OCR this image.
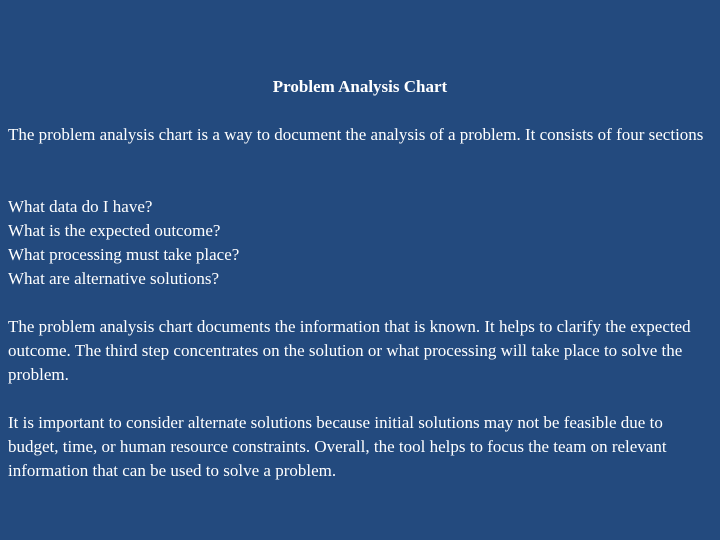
Problem Analysis Chart

The problem analysis chart is a way to document the analysis of a problem. It consists of four sections

What data do I have?
What is the expected outcome?
What processing must take place?
What are alternative solutions?

The problem analysis chart documents the information that is known. It helps to clarify the expected outcome. The third step concentrates on the solution or what processing will take place to solve the problem.

It is important to consider alternate solutions because initial solutions may not be feasible due to budget, time, or human resource constraints. Overall, the tool helps to focus the team on relevant information that can be used to solve a problem.
